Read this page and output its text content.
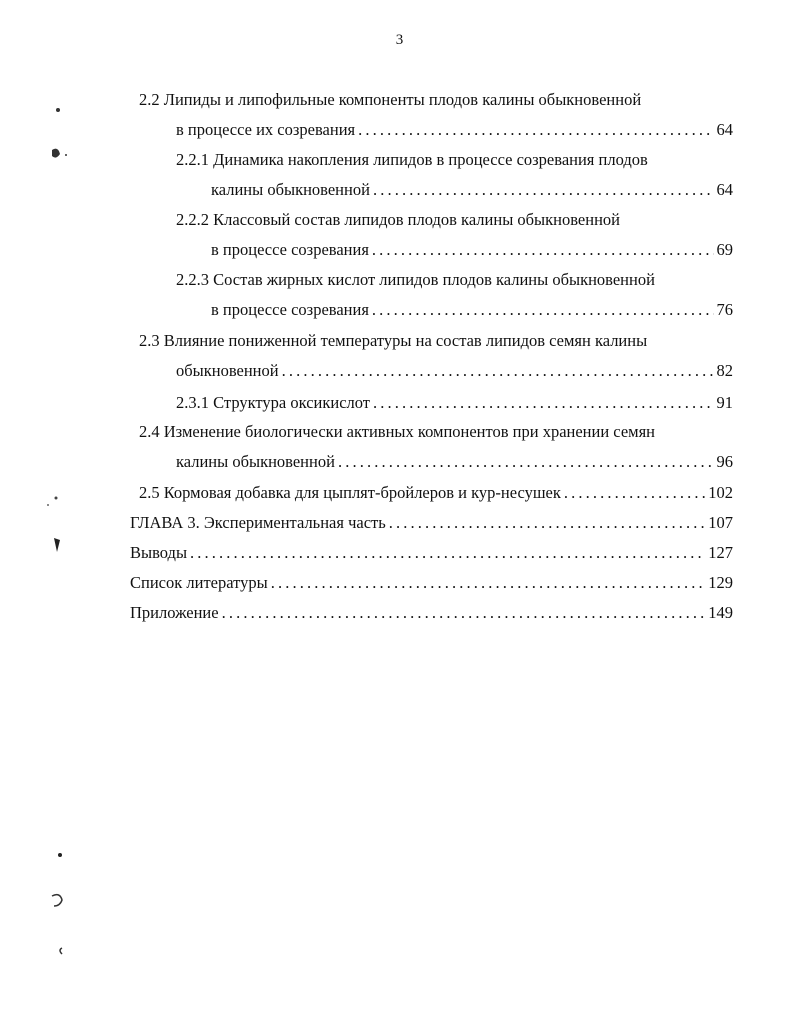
3
2.2 Липиды и липофильные компоненты плодов калины обыкновенной
в процессе их созревания . . .	64
2.2.1 Динамика накопления липидов в процессе созревания плодов
калины обыкновенной . . .	64
2.2.2 Классовый состав липидов плодов калины обыкновенной
в процессе созревания . . .	69
2.2.3 Состав жирных кислот липидов плодов калины обыкновенной
в процессе созревания . . .	76
2.3 Влияние пониженной температуры на состав липидов семян калины
обыкновенной . . .	82
2.3.1 Структура оксикислот . . .	91
2.4 Изменение биологически активных компонентов при хранении семян
калины обыкновенной . . .	96
2.5 Кормовая добавка для цыплят-бройлеров и кур-несушек . . .	102
ГЛАВА 3. Экспериментальная часть . . .	107
Выводы . . .	127
Список литературы . . .	129
Приложение . . .	149
